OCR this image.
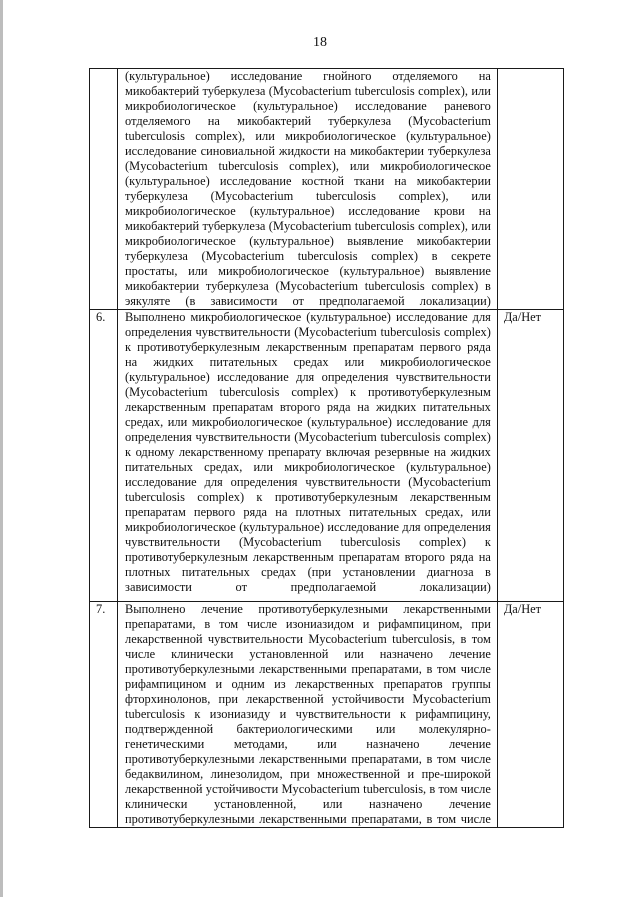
18

	(культуральное) исследование гнойного отделяемого на микобактерий туберкулеза (Mycobacterium tuberculosis complex), или микробиологическое (культуральное) исследование раневого отделяемого на микобактерий туберкулеза (Mycobacterium tuberculosis complex), или микробиологическое (культуральное) исследование синовиальной жидкости на микобактерии туберкулеза (Mycobacterium tuberculosis complex), или микробиологическое (культуральное) исследование костной ткани на микобактерии туберкулеза (Mycobacterium tuberculosis complex), или микробиологическое (культуральное) исследование крови на микобактерий туберкулеза (Mycobacterium tuberculosis complex), или микробиологическое (культуральное) выявление микобактерии туберкулеза (Mycobacterium tuberculosis complex) в секрете простаты, или микробиологическое (культуральное) выявление микобактерии туберкулеза (Mycobacterium tuberculosis complex) в эякуляте (в зависимости от предполагаемой локализации)	

6.	Выполнено микробиологическое (культуральное) исследование для определения чувствительности (Mycobacterium tuberculosis complex) к противотуберкулезным лекарственным препаратам первого ряда на жидких питательных средах или микробиологическое (культуральное) исследование для определения чувствительности (Mycobacterium tuberculosis complex) к противотуберкулезным лекарственным препаратам второго ряда на жидких питательных средах, или микробиологическое (культуральное) исследование для определения чувствительности (Mycobacterium tuberculosis complex) к одному лекарственному препарату включая резервные на жидких питательных средах, или микробиологическое (культуральное) исследование для определения чувствительности (Mycobacterium tuberculosis complex) к противотуберкулезным лекарственным препаратам первого ряда на плотных питательных средах, или микробиологическое (культуральное) исследование для определения чувствительности (Mycobacterium tuberculosis complex) к противотуберкулезным лекарственным препаратам второго ряда на плотных питательных средах (при установлении диагноза в зависимости от предполагаемой локализации)	Да/Нет
7.	Выполнено лечение противотуберкулезными лекарственными препаратами, в том числе изониазидом и рифампицином, при лекарственной чувствительности Mycobacterium tuberculosis, в том числе клинически установленной или назначено лечение противотуберкулезными лекарственными препаратами, в том числе рифампицином и одним из лекарственных препаратов группы фторхинолонов, при лекарственной устойчивости Mycobacterium tuberculosis к изониазиду и чувствительности к рифампицину, подтвержденной бактериологическими или молекулярно-генетическими методами, или назначено лечение противотуберкулезными лекарственными препаратами, в том числе бедаквилином, линезолидом, при множественной и пре-широкой лекарственной устойчивости Mycobacterium tuberculosis, в том числе клинически установленной, или назначено лечение противотуберкулезными лекарственными препаратами, в том числе	Да/Нет
